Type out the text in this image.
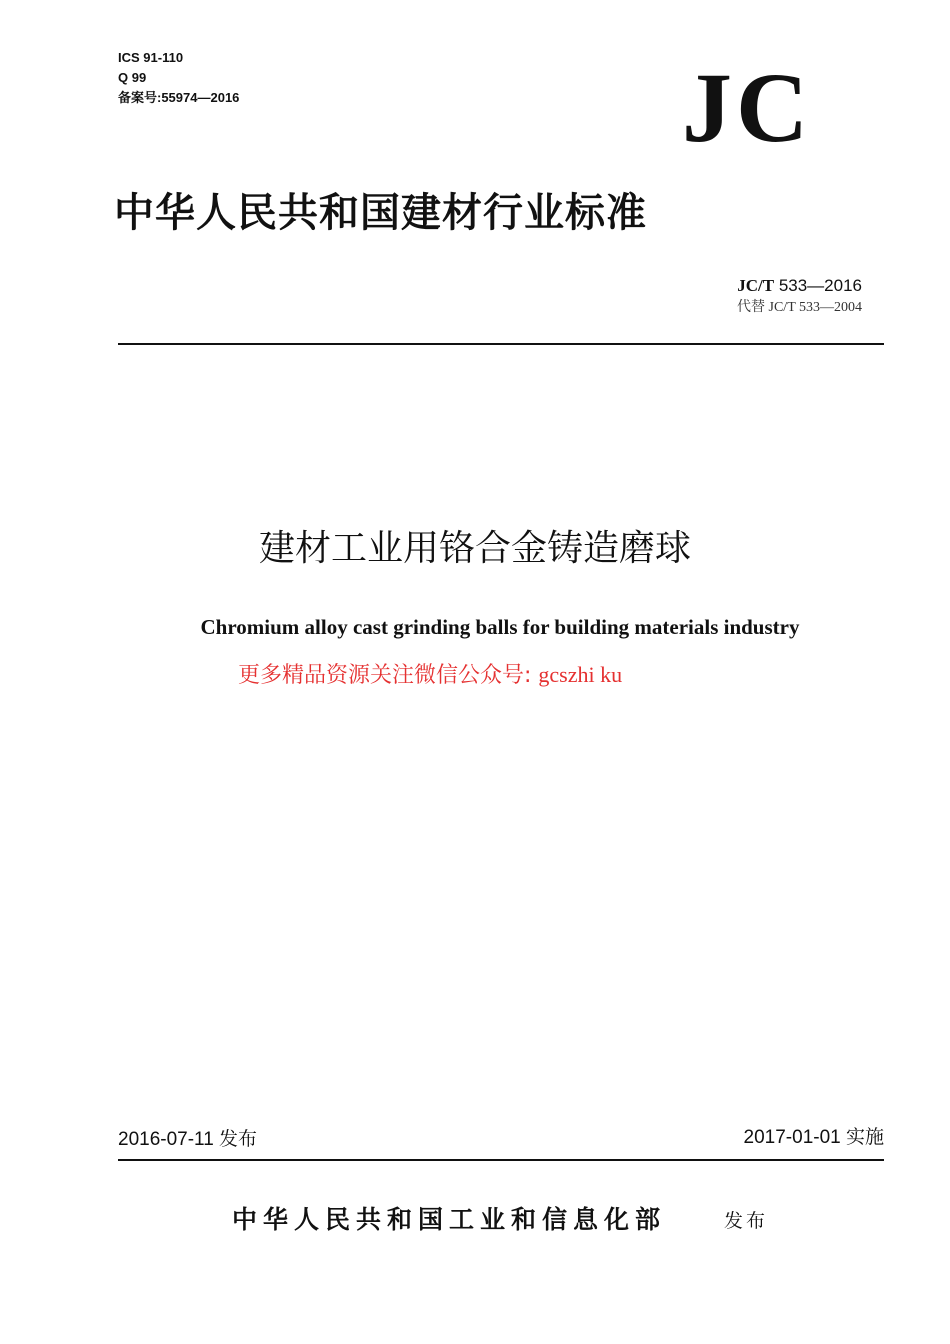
ICS 91-110
Q 99
备案号:55974—2016	JC
中华人民共和国建材行业标准
JC/T 533—2016
代替 JC/T 533—2004
建材工业用铬合金铸造磨球
Chromium alloy cast grinding balls for building materials industry
更多精品资源关注微信公众号: gcszhi ku
2016-07-11 发布	2017-01-01 实施
中华人民共和国工业和信息化部	发布
